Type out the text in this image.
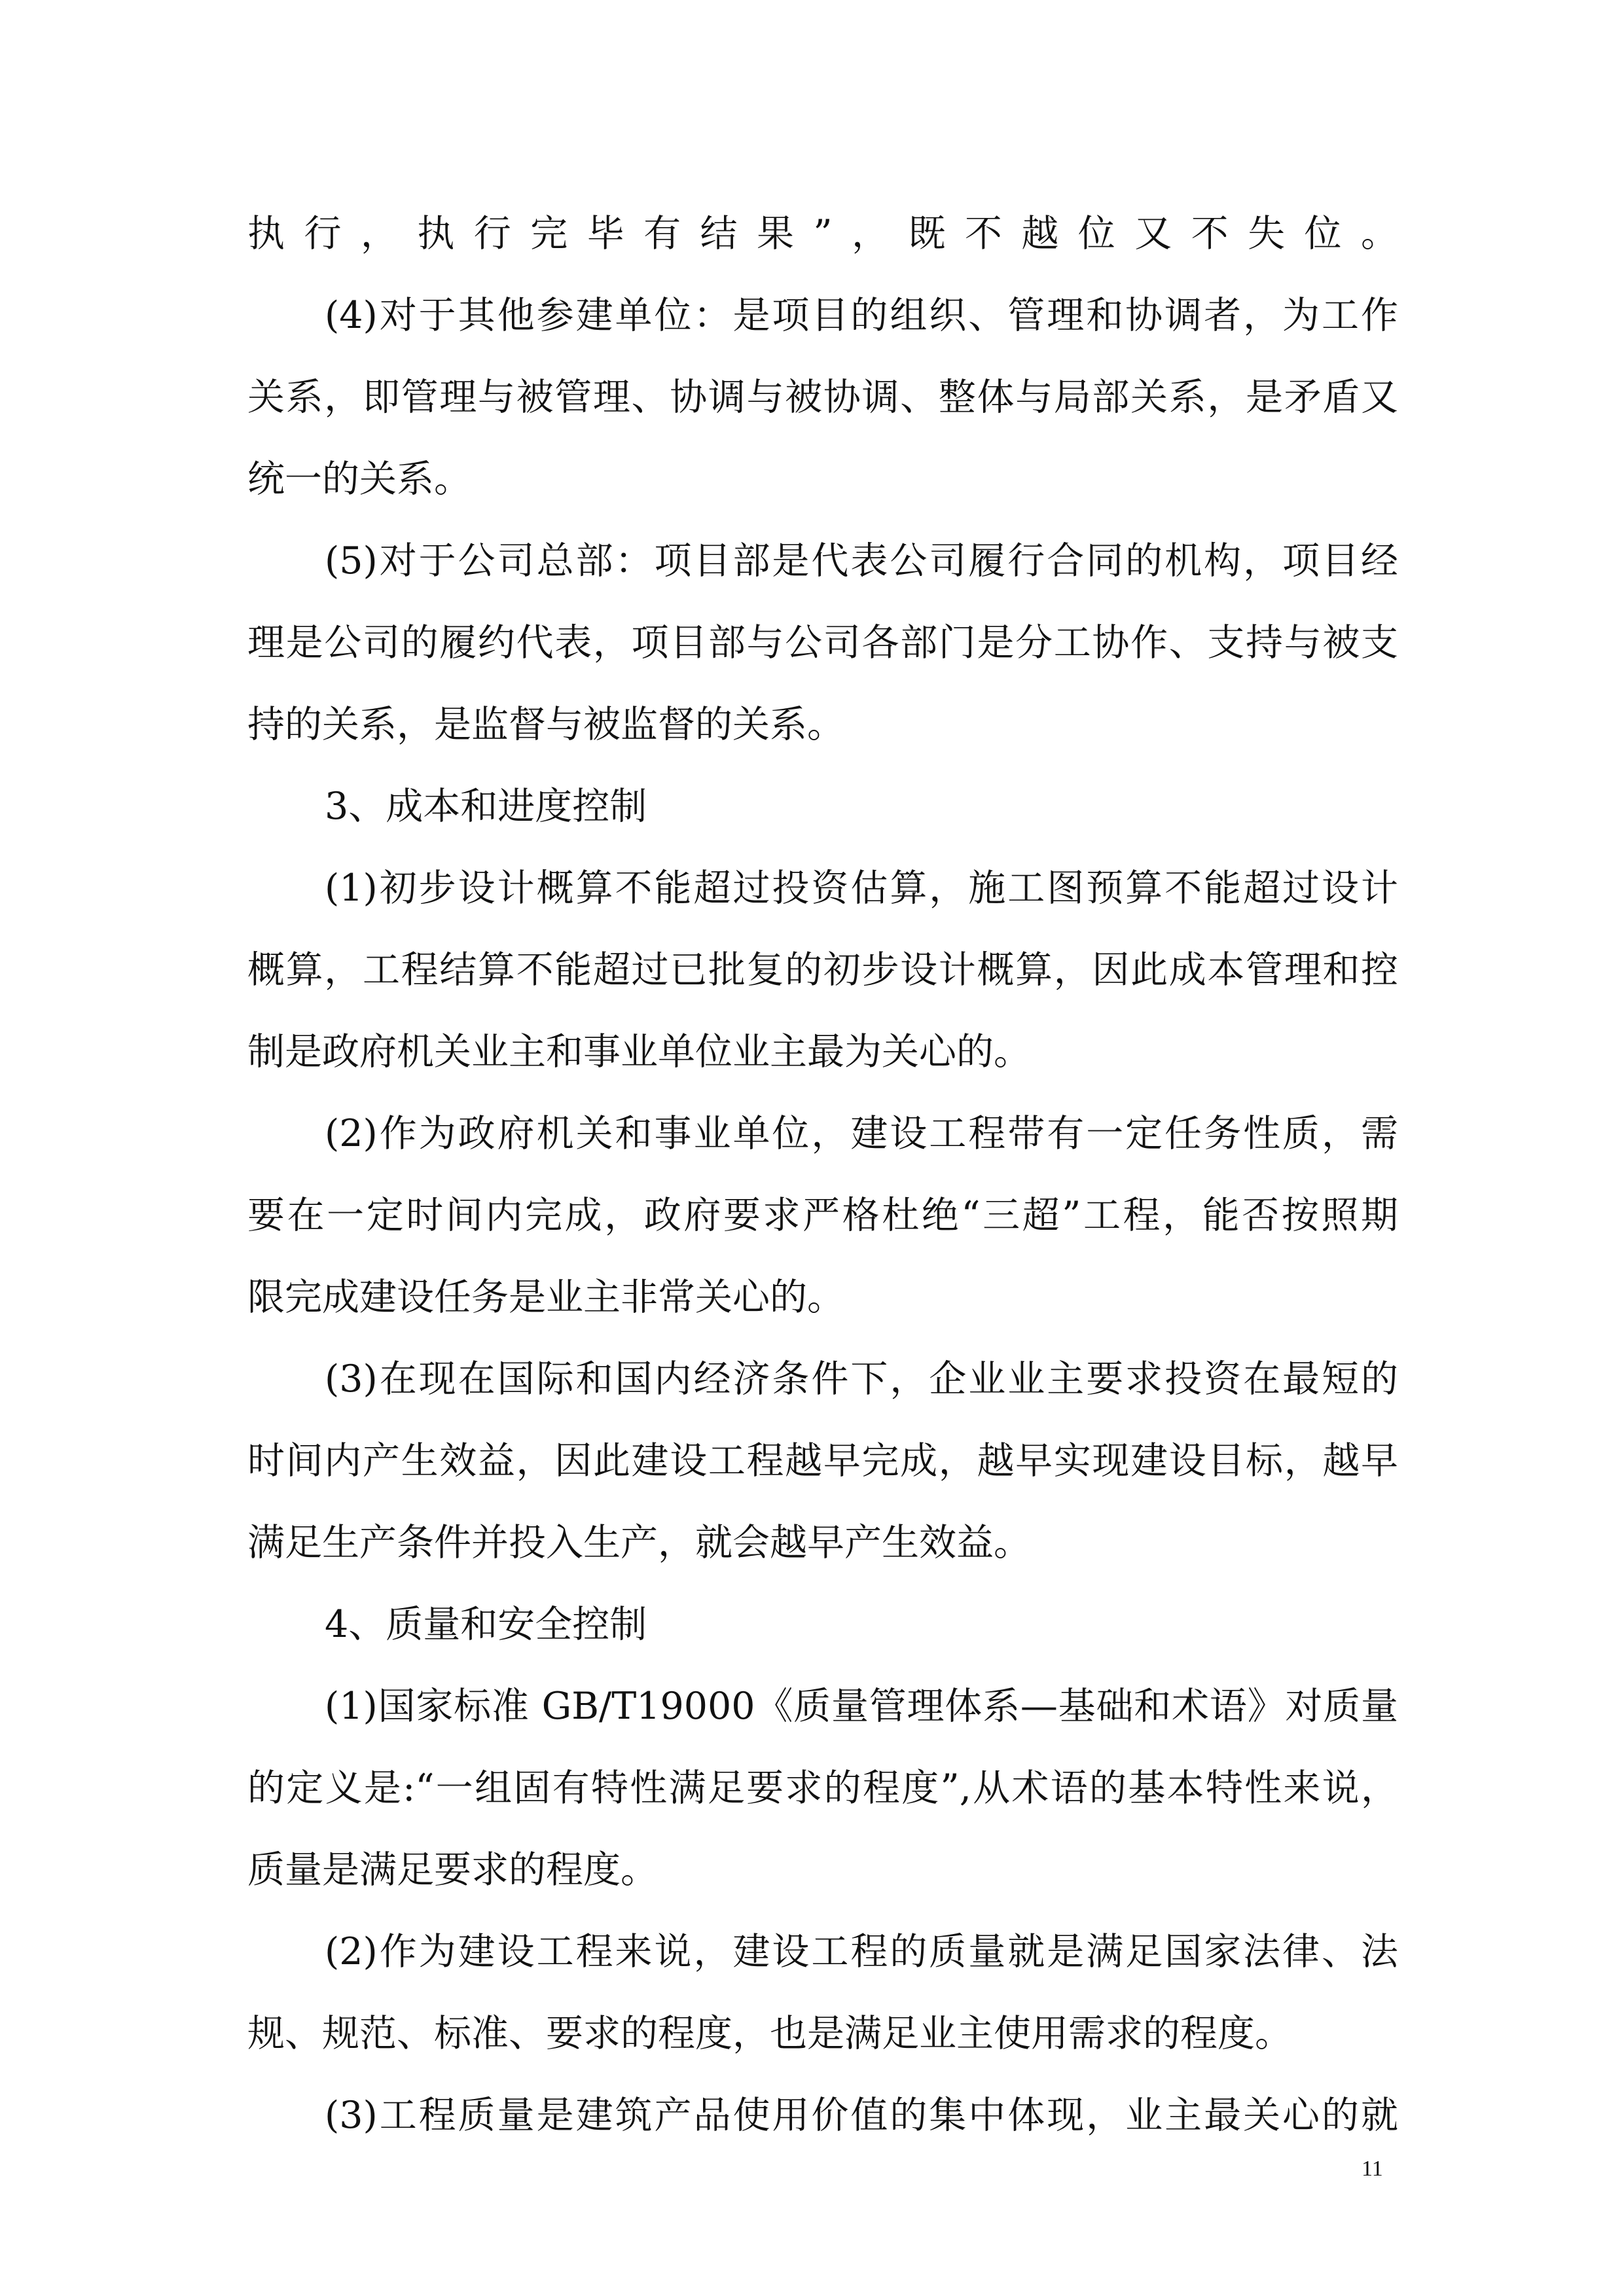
执行，执行完毕有结果”，既不越位又不失位。
(4)对于其他参建单位：是项目的组织、管理和协调者，为工作
关系，即管理与被管理、协调与被协调、整体与局部关系，是矛盾又
统一的关系。
(5)对于公司总部：项目部是代表公司履行合同的机构，项目经
理是公司的履约代表，项目部与公司各部门是分工协作、支持与被支
持的关系，是监督与被监督的关系。
3、成本和进度控制
(1)初步设计概算不能超过投资估算，施工图预算不能超过设计
概算，工程结算不能超过已批复的初步设计概算，因此成本管理和控
制是政府机关业主和事业单位业主最为关心的。
(2)作为政府机关和事业单位，建设工程带有一定任务性质，需
要在一定时间内完成，政府要求严格杜绝“三超”工程，能否按照期
限完成建设任务是业主非常关心的。
(3)在现在国际和国内经济条件下，企业业主要求投资在最短的
时间内产生效益，因此建设工程越早完成，越早实现建设目标，越早
满足生产条件并投入生产，就会越早产生效益。
4、质量和安全控制
(1)国家标准 GB/T19000《质量管理体系—基础和术语》对质量
的定义是:“一组固有特性满足要求的程度”,从术语的基本特性来说，
质量是满足要求的程度。
(2)作为建设工程来说，建设工程的质量就是满足国家法律、法
规、规范、标准、要求的程度，也是满足业主使用需求的程度。
(3)工程质量是建筑产品使用价值的集中体现，业主最关心的就
11
